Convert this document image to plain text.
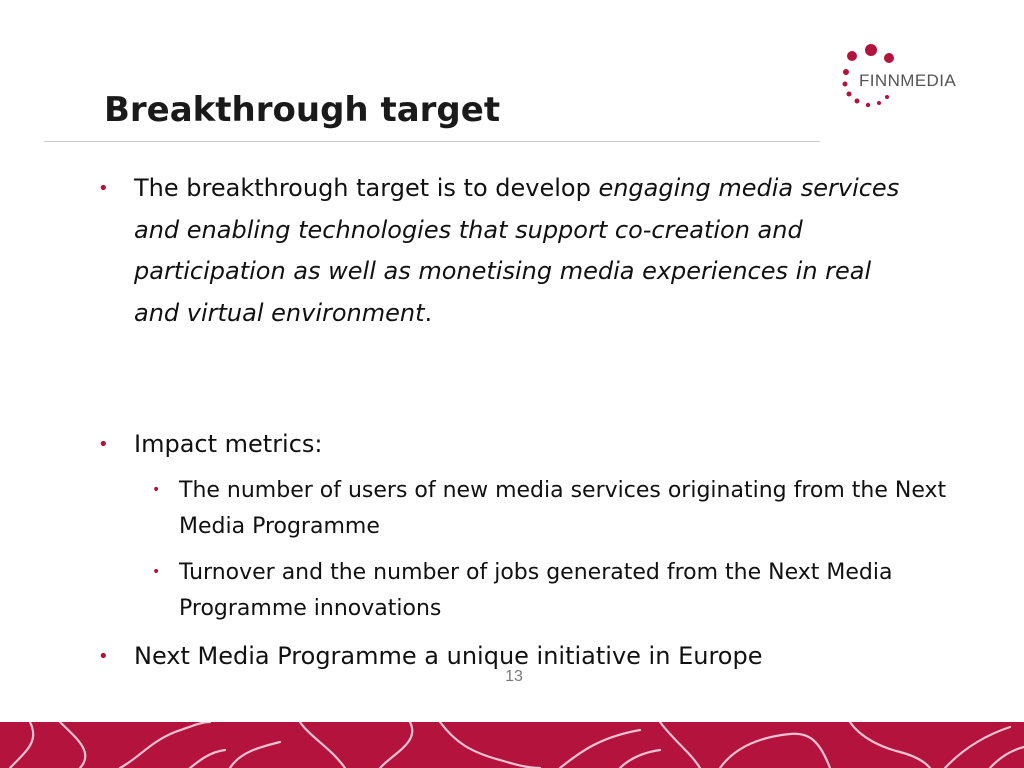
Breakthrough target
FINNMEDIA

• The breakthrough target is to develop engaging media services and enabling technologies that support co-creation and participation as well as monetising media experiences in real and virtual environment.

• Impact metrics:

• The number of users of new media services originating from the Next Media Programme

• Turnover and the number of jobs generated from the Next Media Programme innovations

• Next Media Programme a unique initiative in Europe

13
